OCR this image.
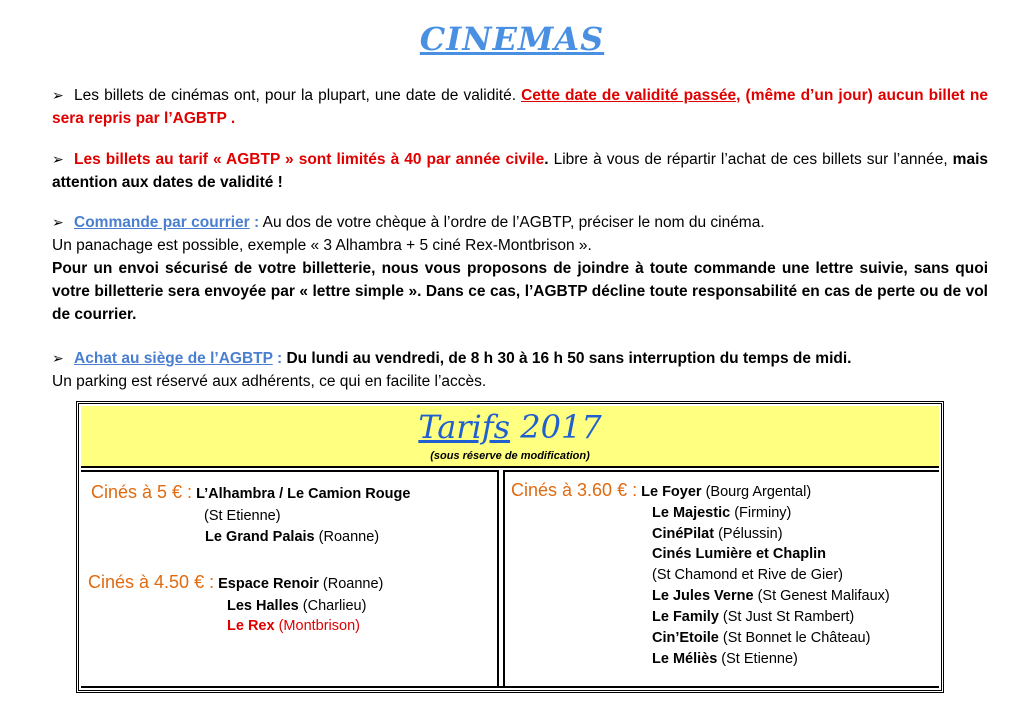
CINEMAS
➢ Les billets de cinémas ont, pour la plupart, une date de validité. Cette date de validité passée, (même d’un jour) aucun billet ne sera repris par l’AGBTP .
➢ Les billets au tarif « AGBTP » sont limités à 40 par année civile. Libre à vous de répartir l’achat de ces billets sur l’année, mais attention aux dates de validité !
➢ Commande par courrier : Au dos de votre chèque à l’ordre de l’AGBTP, préciser le nom du cinéma.
Un panachage est possible, exemple « 3 Alhambra + 5 ciné Rex-Montbrison ».
Pour un envoi sécurisé de votre billetterie, nous vous proposons de joindre à toute commande une lettre suivie, sans quoi votre billetterie sera envoyée par « lettre simple ». Dans ce cas, l’AGBTP décline toute responsabilité en cas de perte ou de vol de courrier.
➢ Achat au siège de l’AGBTP : Du lundi au vendredi, de 8 h 30 à 16 h 50 sans interruption du temps de midi.
Un parking est réservé aux adhérents, ce qui en facilite l’accès.
Tarifs 2017
(sous réserve de modification)
Cinés à 5 € : L’Alhambra / Le Camion Rouge
(St Etienne)
Le Grand Palais (Roanne)
Cinés à 4.50 € : Espace Renoir (Roanne)
Les Halles (Charlieu)
Le Rex (Montbrison)
Cinés à 3.60 € : Le Foyer (Bourg Argental)
Le Majestic (Firminy)
CinéPilat (Pélussin)
Cinés Lumière et Chaplin
(St Chamond et Rive de Gier)
Le Jules Verne (St Genest Malifaux)
Le Family (St Just St Rambert)
Cin’Etoile (St Bonnet le Château)
Le Méliès (St Etienne)
